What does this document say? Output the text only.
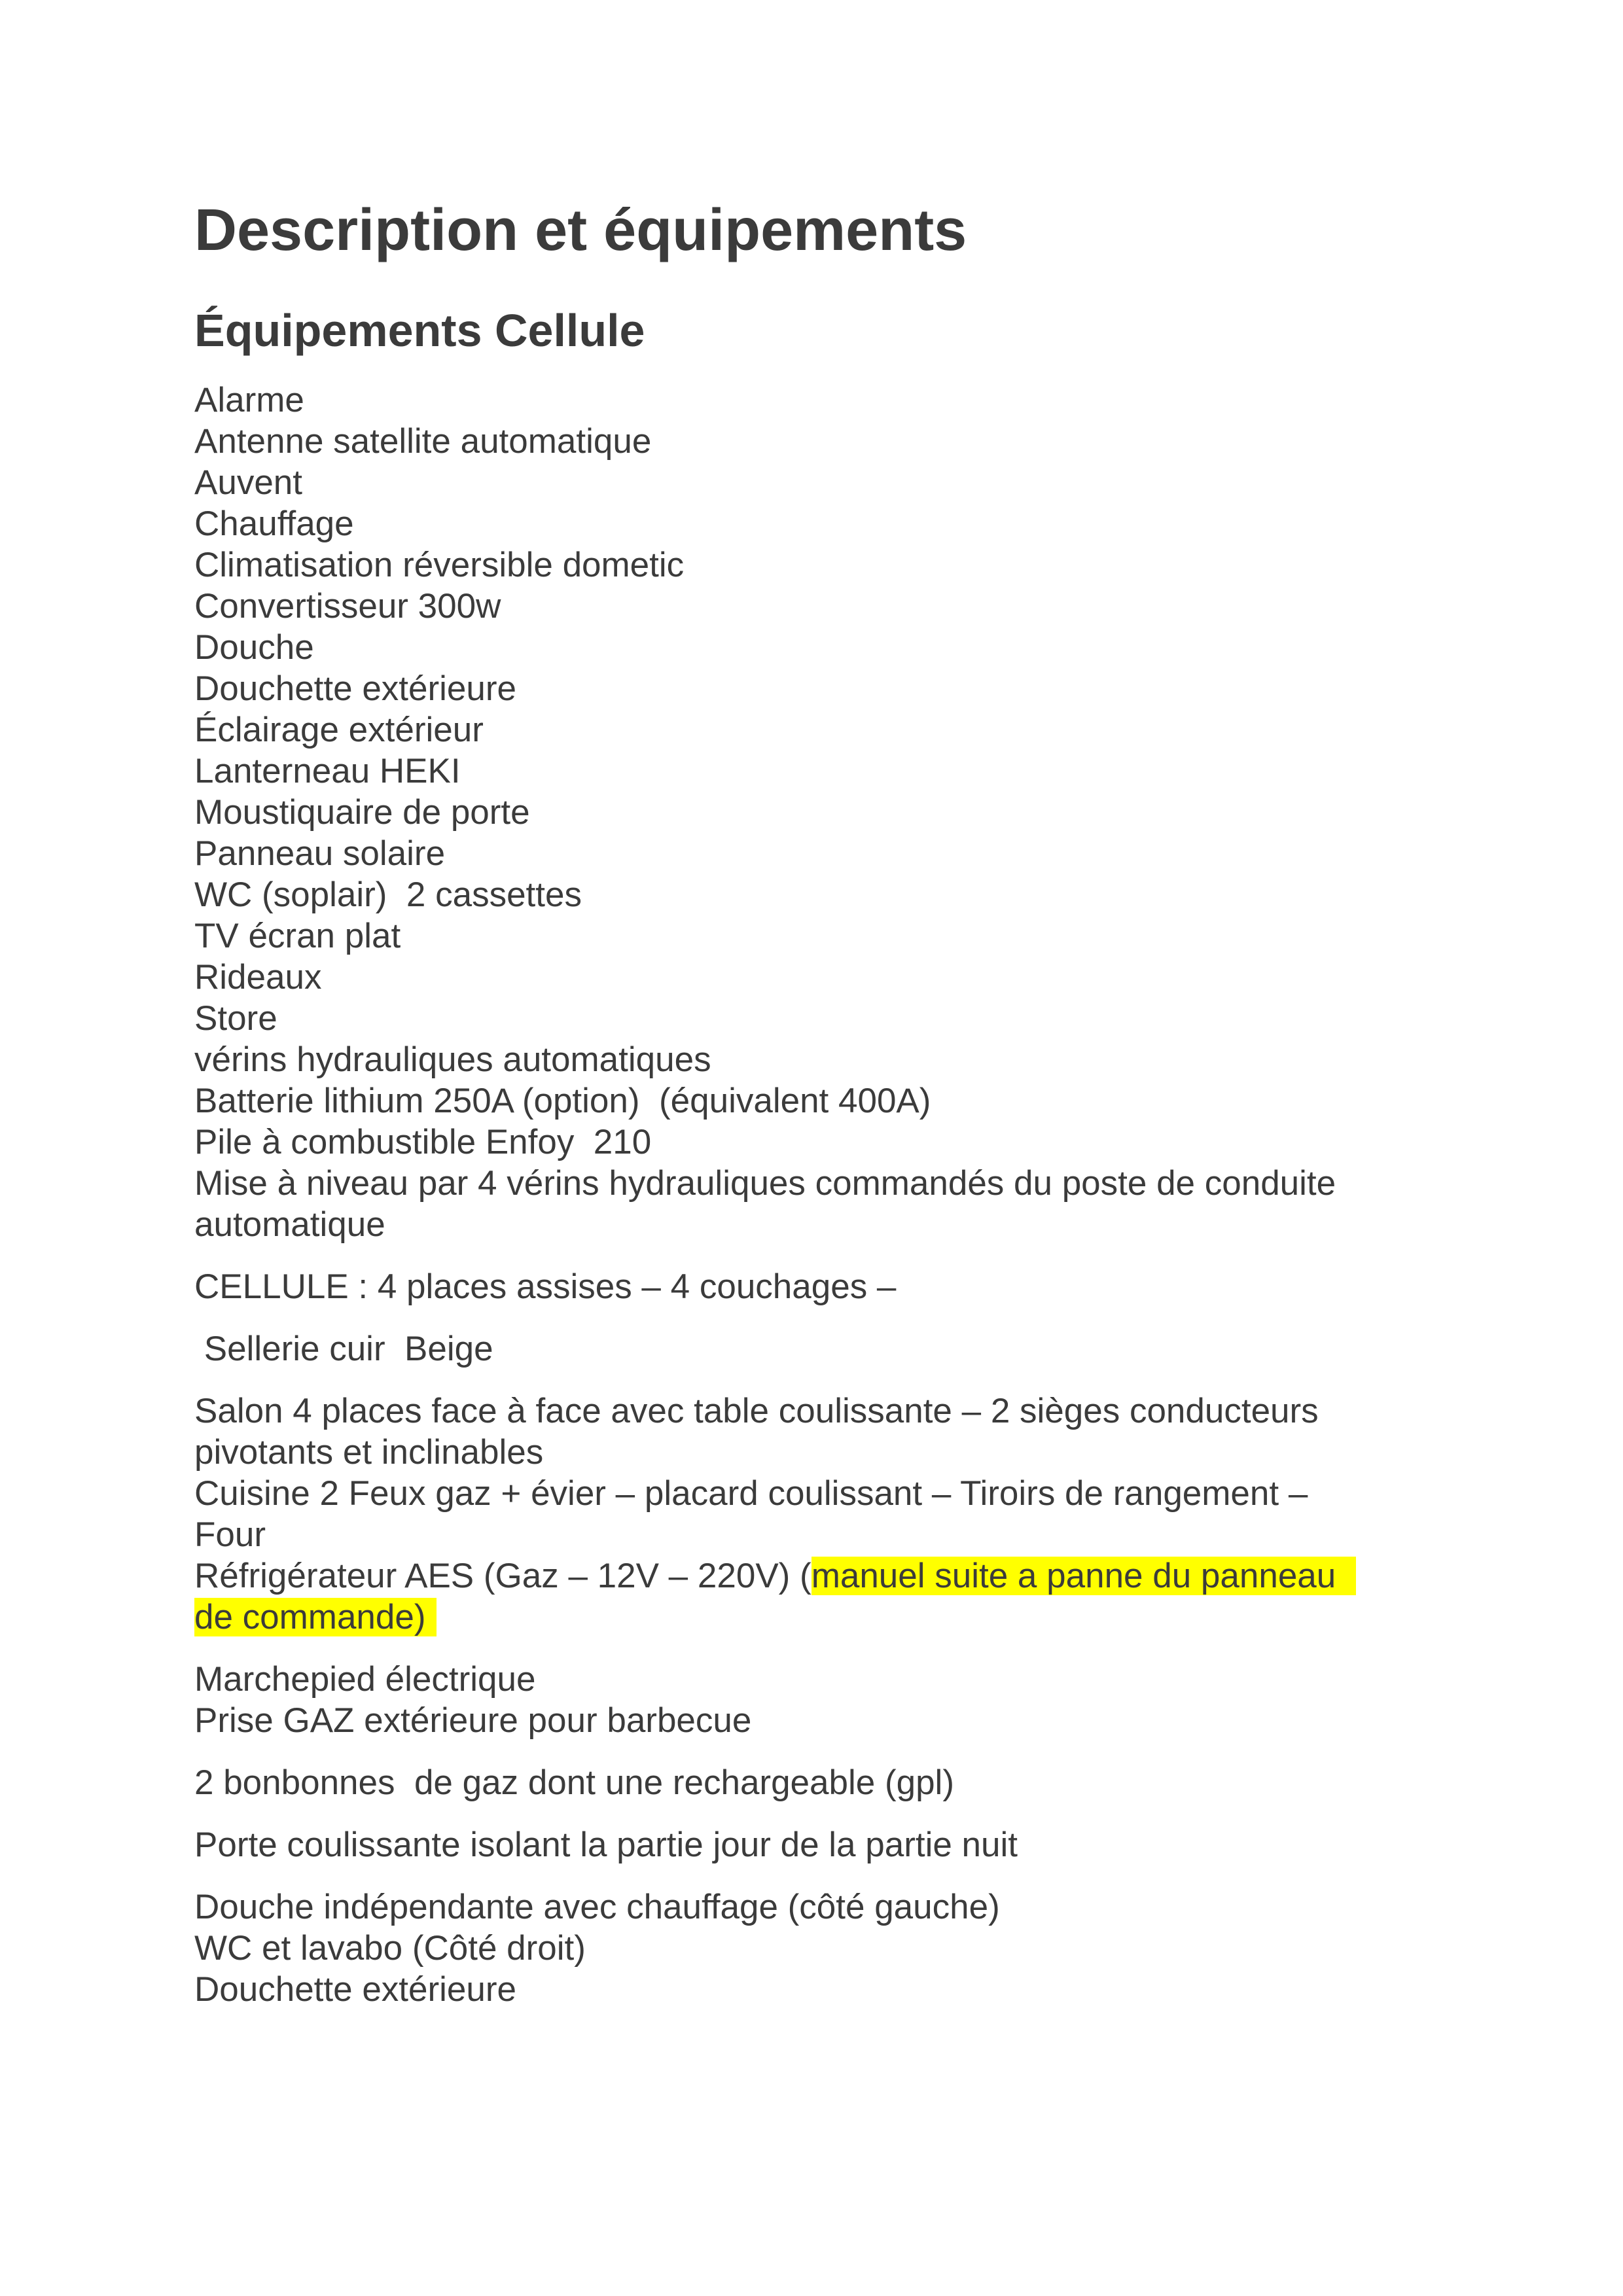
Description et équipements
Équipements Cellule
Alarme
Antenne satellite automatique
Auvent
Chauffage
Climatisation réversible dometic
Convertisseur 300w
Douche
Douchette extérieure
Éclairage extérieur
Lanterneau HEKI
Moustiquaire de porte
Panneau solaire
WC (soplair)  2 cassettes
TV écran plat
Rideaux
Store
vérins hydrauliques automatiques
Batterie lithium 250A (option)  (équivalent 400A)
Pile à combustible Enfoy  210
Mise à niveau par 4 vérins hydrauliques commandés du poste de conduite
automatique
CELLULE : 4 places assises – 4 couchages –
Sellerie cuir  Beige
Salon 4 places face à face avec table coulissante – 2 sièges conducteurs
pivotants et inclinables
Cuisine 2 Feux gaz + évier – placard coulissant – Tiroirs de rangement –
Four
Réfrigérateur AES (Gaz – 12V – 220V) (manuel suite a panne du panneau
de commande)
Marchepied électrique
Prise GAZ extérieure pour barbecue
2 bonbonnes  de gaz dont une rechargeable (gpl)
Porte coulissante isolant la partie jour de la partie nuit
Douche indépendante avec chauffage (côté gauche)
WC et lavabo (Côté droit)
Douchette extérieure
